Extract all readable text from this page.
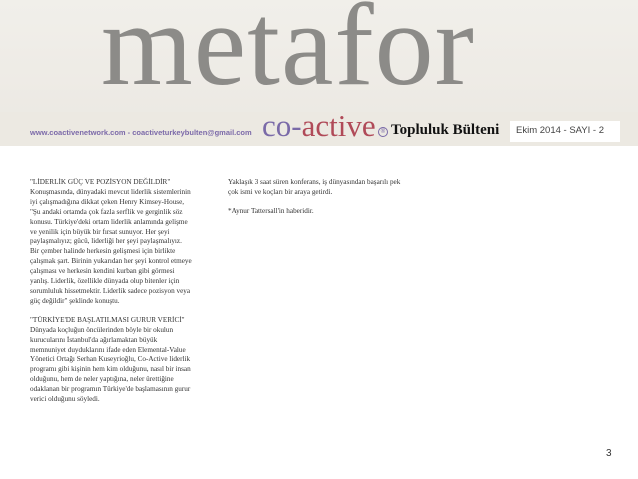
metafor
www.coactivenetwork.com - coactiveturkeybulten@gmail.com co-active ® Topluluk Bülteni Ekim 2014 - SAYI - 2

"LİDERLİK GÜÇ VE POZİSYON DEĞİLDİR"
Konuşmasında, dünyadaki mevcut liderlik sistemlerinin iyi çalışmadığına dikkat çeken Henry Kimsey-House, "Şu andaki ortamda çok fazla serflik ve gerginlik söz konusu. Türkiye'deki ortam liderlik anlamında gelişme ve yenilik için büyük bir fırsat sunuyor. Her şeyi paylaşmalıyız; gücü, liderliği her şeyi paylaşmalıyız. Bir çember halinde herkesin gelişmesi için birlikte çalışmak şart. Birinin yukarıdan her şeyi kontrol etmeye çalışması ve herkesin kendini kurban gibi görmesi yanlış. Liderlik, özellikle dünyada olup bitenler için sorumluluk hissetmektir. Liderlik sadece pozisyon veya güç değildir" şeklinde konuştu.

"TÜRKİYE'DE BAŞLATILMASI GURUR VERİCİ"
Dünyada koçluğun öncülerinden böyle bir okulun kurucularını İstanbul'da ağırlamaktan büyük memnuniyet duyduklarını ifade eden Elemental-Value Yönetici Ortağı Serhan Kuseyrioğlu, Co-Active liderlik programı gibi kişinin hem kim olduğunu, nasıl bir insan olduğunu, hem de neler yaptığına, neler ürettiğine odaklanan bir programın Türkiye'de başlamasının gurur verici olduğunu söyledi.

Yaklaşık 3 saat süren konferans, iş dünyasından başarılı pek çok ismi ve koçları bir araya getirdi.

*Aynur Tattersall'in haberidir.

3
